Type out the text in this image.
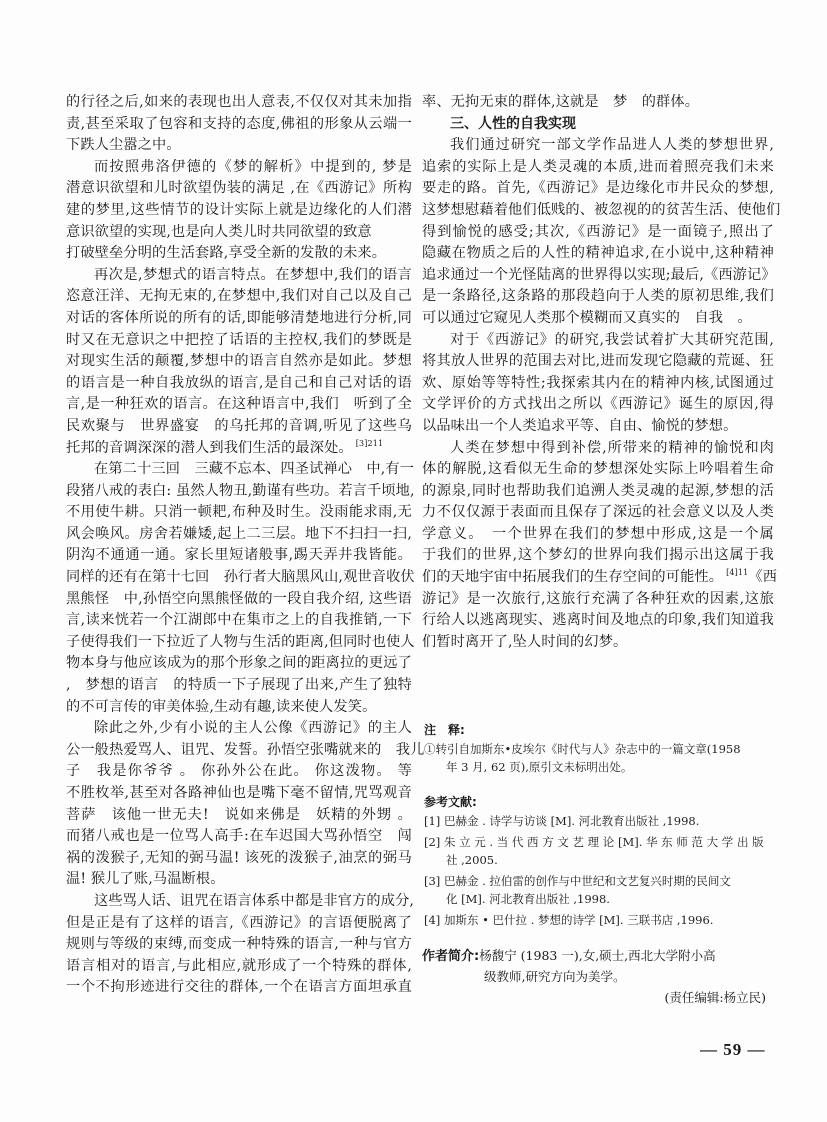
的行径之后,如来的表现也出人意表,不仅仅对其未加指
责,甚至采取了包容和支持的态度,佛祖的形象从云端一
下跌人尘嚣之中。
而按照弗洛伊德的《梦的解析》中提到的, 梦是
潜意识欲望和儿时欲望伪装的满足 ,在《西游记》所构
建的梦里,这些情节的设计实际上就是边缘化的人们潜
意识欲望的实现,也是向人类儿时共同欲望的致意
打破壁垒分明的生活套路,享受全新的发散的未来。
再次是,梦想式的语言特点。在梦想中,我们的语言
恣意汪洋、无拘无束的,在梦想中,我们对自己以及自己
对话的客体所说的所有的话,即能够清楚地进行分析,同
时又在无意识之中把控了话语的主控权,我们的梦既是
对现实生活的颠覆,梦想中的语言自然亦是如此。梦想
的语言是一种自我放纵的语言,是自己和自己对话的语
言,是一种狂欢的语言。在这种语言中,我们　听到了全
民欢聚与　世界盛宴　的乌托邦的音调,听见了这些乌
托邦的音调深深的潜人到我们生活的最深处。 $^{[3]211}$
在第二十三回　三藏不忘本、四圣试禅心　中,有一
段猪八戒的表白: 虽然人物丑,勤谨有些功。若言千顷地,
不用使牛耕。只消一顿耙,布种及时生。没雨能求雨,无
风会唤风。房舍若嫌矮,起上二三层。地下不扫扫一扫,
阴沟不通通一通。家长里短诸般事,踢天弄井我皆能。
同样的还有在第十七回　孙行者大脑黑风山,观世音收伏
黑熊怪　中,孙悟空向黑熊怪做的一段自我介绍, 这些语
言,读来恍若一个江湖郎中在集市之上的自我推销,一下
子使得我们一下拉近了人物与生活的距离,但同时也使人
物本身与他应该成为的那个形象之间的距离拉的更远了
,　梦想的语言　的特质一下子展现了出来,产生了独特
的不可言传的审美体验,生动有趣,读来使人发笑。
除此之外,少有小说的主人公像《西游记》的主人
公一般热爱骂人、诅咒、发誓。孙悟空张嘴就来的　我儿
子　我是你爷爷 。 你孙外公在此。 你这泼物。 等
不胜枚举,甚至对各路神仙也是嘴下毫不留情,咒骂观音
菩萨　该他一世无夫!　说如来佛是　妖精的外甥 。
而猪八戒也是一位骂人高手:在车迟国大骂孙悟空　闯
祸的泼猴子,无知的弼马温! 该死的泼猴子,油烹的弼马
温! 猴儿了账,马温断根。
这些骂人话、诅咒在语言体系中都是非官方的成分,
但是正是有了这样的语言,《西游记》的言语便脱离了
规则与等级的束缚,而变成一种特殊的语言,一种与官方
语言相对的语言,与此相应,就形成了一个特殊的群体,
一个不拘形迹进行交往的群体,一个在语言方面坦承直
率、无拘无束的群体,这就是　梦　的群体。
三、人性的自我实现
我们通过研究一部文学作品进人人类的梦想世界,
追索的实际上是人类灵魂的本质,进而着照亮我们未来
要走的路。首先,《西游记》是边缘化市井民众的梦想,
这梦想慰藉着他们低贱的、被忽视的的贫苦生活、使他们
得到愉悦的感受;其次,《西游记》是一面镜子,照出了
隐藏在物质之后的人性的精神追求,在小说中,这种精神
追求通过一个光怪陆离的世界得以实现;最后,《西游记》
是一条路径,这条路的那段趋向于人类的原初思维,我们
可以通过它窥见人类那个模糊而又真实的　自我　。
对于《西游记》的研究,我尝试着扩大其研究范围,
将其放人世界的范围去对比,进而发现它隐藏的荒诞、狂
欢、原始等等特性;我探索其内在的精神内核,试图通过
文学评价的方式找出之所以《西游记》诞生的原因,得
以品味出一个人类追求平等、自由、愉悦的梦想。
人类在梦想中得到补偿,所带来的精神的愉悦和肉
体的解脱,这看似无生命的梦想深处实际上吟唱着生命
的源泉,同时也帮助我们追溯人类灵魂的起源,梦想的活
力不仅仅源于表面而且保存了深远的社会意义以及人类
学意义。　一个世界在我们的梦想中形成,这是一个属
于我们的世界,这个梦幻的世界向我们揭示出这属于我
们的天地宇宙中拓展我们的生存空间的可能性。 $^{[4]11}$《西
游记》是一次旅行,这旅行充满了各种狂欢的因素,这旅
行给人以逃离现实、逃离时间及地点的印象,我们知道我
们暂时离开了,坠人时间的幻梦。
注　释:
①转引自加斯东•皮埃尔《时代与人》杂志中的一篇文章(1958
年 3 月, 62 页),原引文未标明出处。
参考文献:
[1] 巴赫金 . 诗学与访谈 [M]. 河北教育出版社 ,1998.
[2] 朱 立 元 . 当 代 西 方 文 艺 理 论 [M]. 华 东 师 范 大 学 出 版
社 ,2005.
[3] 巴赫金 . 拉伯雷的创作与中世纪和文艺复兴时期的民间文
化 [M]. 河北教育出版社 ,1998.
[4] 加斯东 • 巴什拉 . 梦想的诗学 [M]. 三联书店 ,1996.
作者简介:杨馥宁 (1983 一),女,硕士,西北大学附小高
级教师,研究方向为美学。
(责任编辑:杨立民)
— 59 —
